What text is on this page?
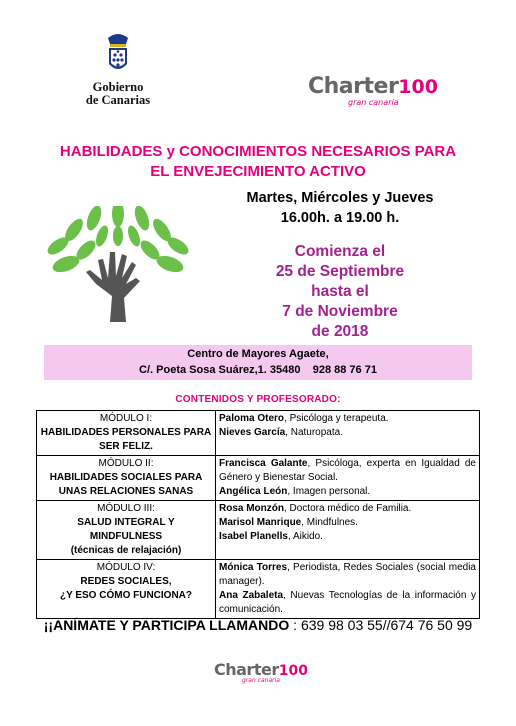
Gobierno
de Canarias
Charter100
gran canaria
HABILIDADES y CONOCIMIENTOS NECESARIOS PARA
EL ENVEJECIMIENTO ACTIVO
Martes, Miércoles y Jueves
16.00h. a 19.00 h.
Comienza el
25 de Septiembre
hasta el
7 de Noviembre
de 2018
Centro de Mayores Agaete,
C/. Poeta Sosa Suárez,1. 35480 928 88 76 71
CONTENIDOS Y PROFESORADO:
MÓDULO I:
HABILIDADES PERSONALES PARA SER FELIZ.	Paloma Otero, Psicóloga y terapeuta.
Nieves García, Naturopata.

MÓDULO II:
HABILIDADES SOCIALES PARA UNAS RELACIONES SANAS	Francisca Galante, Psicóloga, experta en Igualdad de Género y Bienestar Social.
Angélica León, Imagen personal.

MÓDULO III:
SALUD INTEGRAL Y MINDFULNESS
(técnicas de relajación)	Rosa Monzón, Doctora médico de Familia.
Marisol Manrique, Mindfulnes.
Isabel Planells, Aikido.

MÓDULO IV:
REDES SOCIALES,
¿Y ESO CÓMO FUNCIONA?	Mónica Torres, Periodista, Redes Sociales (social media manager).
Ana Zabaleta, Nuevas Tecnologías de la información y comunicación.
¡¡ANÍMATE Y PARTICIPA LLAMANDO : 639 98 03 55//674 76 50 99
Charter100
gran canaria
